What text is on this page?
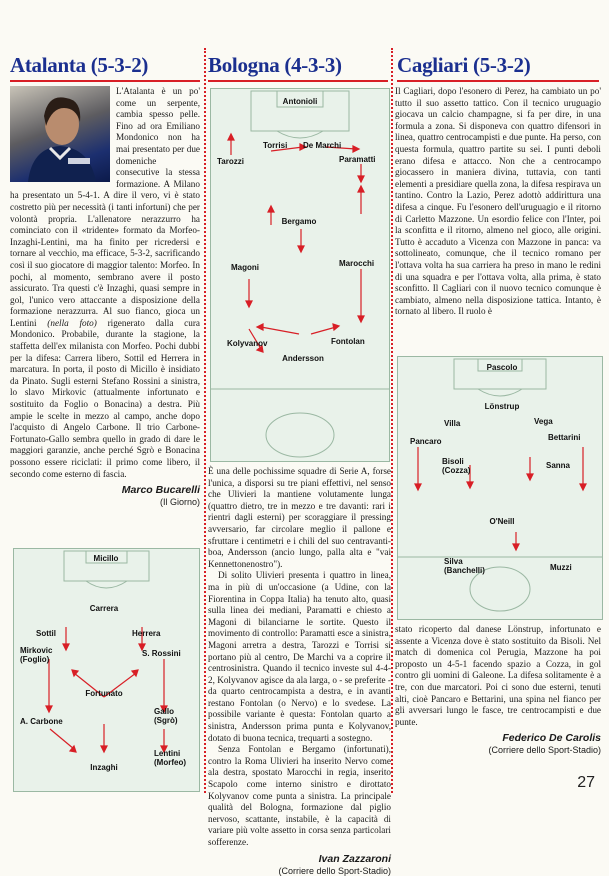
Atalanta (5-3-2)	Bologna (4-3-3)	Cagliari (5-3-2)

L'Atalanta è un po' come un serpente, cambia spesso pelle. Fino ad ora Emiliano Mondonico non ha mai presentato per due domeniche consecutive la stessa formazione. A Milano ha presentato un 5-4-1. A dire il vero, vi è stato costretto più per necessità (i tanti infortuni) che per volontà propria. L'allenatore nerazzurro ha cominciato con il «tridente» formato da Morfeo-Inzaghi-Lentini, ma ha finito per ricredersi e tornare al vecchio, ma efficace, 5-3-2, sacrificando così il suo giocatore di maggior talento: Morfeo. In pochi, al momento, sembrano avere il posto assicurato. Tra questi c'è Inzaghi, quasi sempre in gol, l'unico vero attaccante a disposizione della formazione nerazzurra. Al suo fianco, gioca un Lentini (nella foto) rigenerato dalla cura Mondonico. Probabile, durante la stagione, la staffetta dell'ex milanista con Morfeo. Pochi dubbi per la difesa: Carrera libero, Sottil ed Herrera in marcatura. In porta, il posto di Micillo è insidiato da Pinato. Sugli esterni Stefano Rossini a sinistra, lo slavo Mirkovic (attualmente infortunato e sostituito da Foglio o Bonacina) a destra. Più ampie le scelte in mezzo al campo, anche dopo l'acquisto di Angelo Carbone. Il trio Carbone-Fortunato-Gallo sembra quello in grado di dare le maggiori garanzie, anche perché Sgrò e Bonacina possono essere riciclati: il primo come libero, il secondo come esterno di fascia.

Marco Bucarelli

(Il Giorno)

Micillo
Carrera
Sottil	Herrera
Mirkovic (Foglio)
S. Rossini
Fortunato
A. Carbone
Gallo (Sgrò)
Lentini (Morfeo)
Inzaghi
Antonioli
Tarozzi
Torrisi De Marchi
Paramatti
Bergamo
Magoni	Marocchi
Kolyvanov	Fontolan
Andersson

È una delle pochissime squadre di Serie A, forse l'unica, a disporsi su tre piani effettivi, nel senso che Ulivieri la mantiene volutamente lunga (quattro dietro, tre in mezzo e tre davanti: rari i rientri dagli esterni) per scoraggiare il pressing avversario, far circolare meglio il pallone e sfruttare i centimetri e i chili del suo centravanti-boa, Andersson (ancio lungo, palla alta e "vai Kennettonenostro").

Di solito Ulivieri presenta i quattro in linea, ma in più di un'occasione (a Udine, con la Fiorentina in Coppa Italia) ha tenuto alto, quasi sulla linea dei mediani, Paramatti e chiesto a Magoni di bilanciarne le sortite. Questo il movimento di controllo: Paramatti esce a sinistra, Magoni arretra a destra, Tarozzi e Torrisi si portano più al centro, De Marchi va a coprire il centrosinistra. Quando il tecnico investe sul 4-4-2, Kolyvanov agisce da ala larga, o - se preferite - da quarto centrocampista a destra, e in avanti restano Fontolan (o Nervo) e lo svedese. La possibile variante è questa: Fontolan quarto a sinistra, Andersson prima punta e Kolyvanov, dotato di buona tecnica, trequarti a sostegno.

Senza Fontolan e Bergamo (infortunati), contro la Roma Ulivieri ha inserito Nervo come ala destra, spostato Marocchi in regia, inserito Scapolo come interno sinistro e dirottato Kolyvanov come punta a sinistra. La principale qualità del Bologna, formazione dal piglio nervoso, scattante, instabile, è la capacità di variare più volte assetto in corsa senza particolari sofferenze.

Ivan Zazzaroni

(Corriere dello Sport-Stadio)

Il Cagliari, dopo l'esonero di Perez, ha cambiato un po' tutto il suo assetto tattico. Con il tecnico uruguagio giocava un calcio champagne, si fa per dire, in una formula a zona. Si disponeva con quattro difensori in linea, quattro centrocampisti e due punte. Ha perso, con questa formula, quattro partite su sei. I punti deboli erano difesa e attacco. Non che a centrocampo giocassero in maniera divina, tuttavia, con tanti elementi a presidiare quella zona, la difesa respirava un tantino. Contro la Lazio, Perez adottò addirittura una difesa a cinque. Fu l'esonero dell'uruguagio e il ritorno di Carletto Mazzone. Un esordio felice con l'Inter, poi la sconfitta e il ritorno, almeno nel gioco, alle origini. Tutto è accaduto a Vicenza con Mazzone in panca: va sottolineato, comunque, che il tecnico romano per l'ottava volta ha sua carriera ha preso in mano le redini di una squadra e per l'ottava volta, alla prima, è stato sconfitto. Il Cagliari con il nuovo tecnico comunque è cambiato, almeno nella disposizione tattica. Intanto, è tornato al libero. Il ruolo è

Pascolo
Lönstrup
Villa	Vega
Pancaro	Bettarini
Bisoli (Cozza)
Sanna
O'Neill
Silva (Banchelli)	Muzzi

stato ricoperto dal danese Lönstrup, infortunato e assente a Vicenza dove è stato sostituito da Bisoli. Nel match di domenica col Perugia, Mazzone ha poi proposto un 4-5-1 facendo spazio a Cozza, in gol contro gli uomini di Galeone. La difesa solitamente è a tre, con due marcatori. Poi ci sono due esterni, tenuti alti, cioè Pancaro e Bettarini, una spina nel fianco per gli avversari lungo le fasce, tre centrocampisti e due punte.

Federico De Carolis

(Corriere dello Sport-Stadio)

27
